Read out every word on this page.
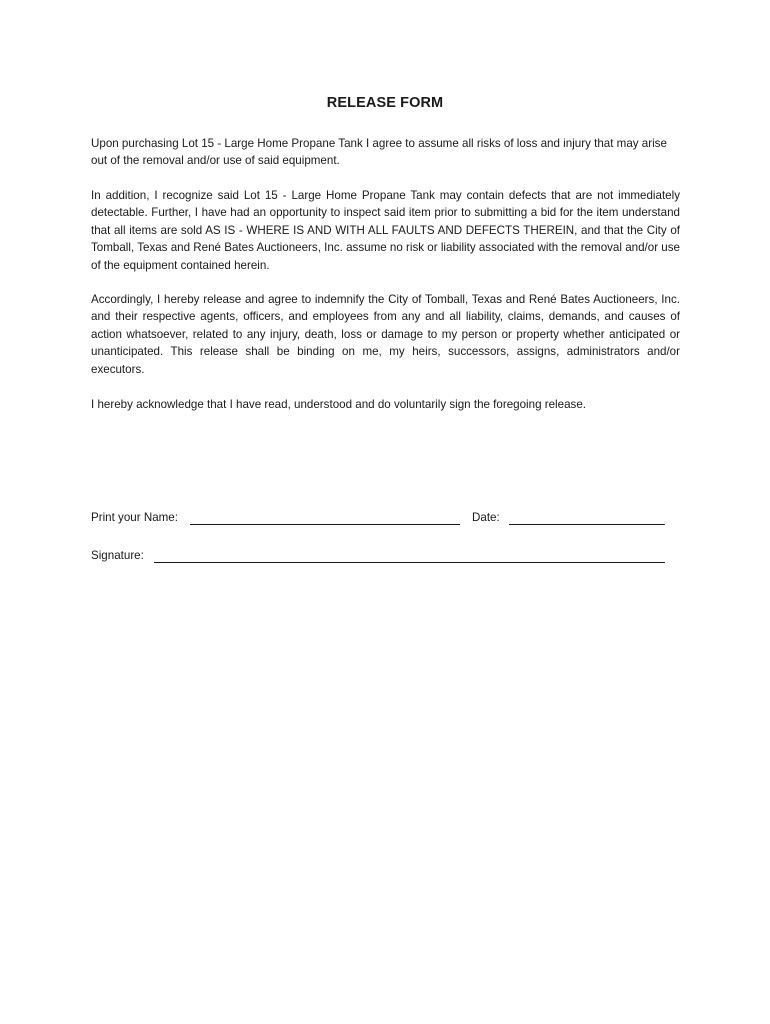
RELEASE FORM

Upon purchasing Lot 15 - Large Home Propane Tank I agree to assume all risks of loss and injury that may arise out of the removal and/or use of said equipment.

In addition, I recognize said Lot 15 - Large Home Propane Tank may contain defects that are not immediately detectable. Further, I have had an opportunity to inspect said item prior to submitting a bid for the item understand that all items are sold AS IS - WHERE IS AND WITH ALL FAULTS AND DEFECTS THEREIN, and that the City of Tomball, Texas and René Bates Auctioneers, Inc. assume no risk or liability associated with the removal and/or use of the equipment contained herein.

Accordingly, I hereby release and agree to indemnify the City of Tomball, Texas and René Bates Auctioneers, Inc. and their respective agents, officers, and employees from any and all liability, claims, demands, and causes of action whatsoever, related to any injury, death, loss or damage to my person or property whether anticipated or unanticipated. This release shall be binding on me, my heirs, successors, assigns, administrators and/or executors.

I hereby acknowledge that I have read, understood and do voluntarily sign the foregoing release.

Print your Name:	Date:
Signature:
